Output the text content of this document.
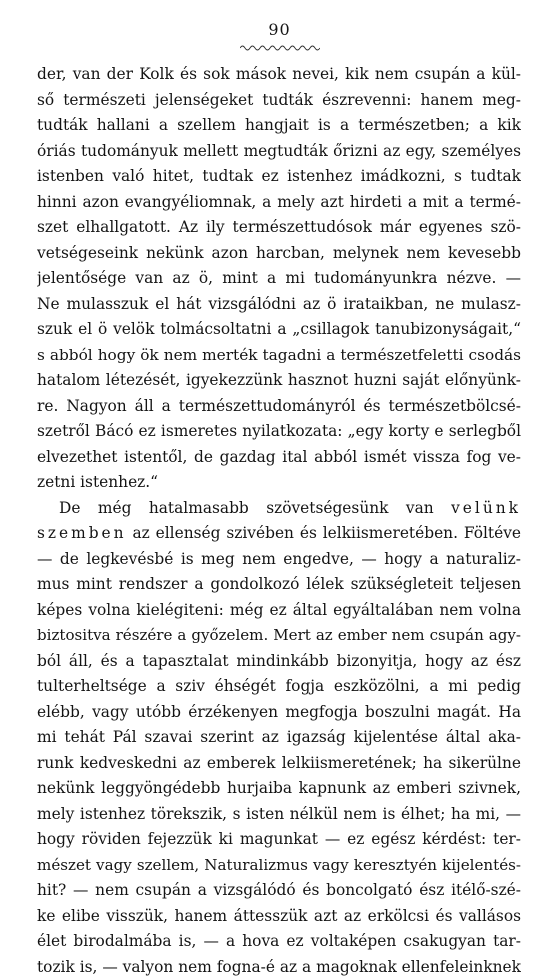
90
der, van der Kolk és sok mások nevei, kik nem csupán a kül-
ső természeti jelenségeket tudták észrevenni: hanem meg-
tudták hallani a szellem hangjait is a természetben; a kik
óriás tudományuk mellett megtudták őrizni az egy, személyes
istenben való hitet, tudtak ez istenhez imádkozni, s tudtak
hinni azon evangyéliomnak, a mely azt hirdeti a mit a termé-
szet elhallgatott. Az ily természettudósok már egyenes szö-
vetségeseink nekünk azon harcban, melynek nem kevesebb
jelentősége van az ö, mint a mi tudományunkra nézve. —
Ne mulasszuk el hát vizsgálódni az ö irataikban, ne mulasz-
szuk el ö velök tolmácsoltatni a „csillagok tanubizonyságait,“
s abból hogy ök nem merték tagadni a természetfeletti csodás
hatalom létezését, igyekezzünk hasznot huzni saját előnyünk-
re. Nagyon áll a természettudományról és természetbölcsé-
szetről Bácó ez ismeretes nyilatkozata: „egy korty e serlegből
elvezethet istentől, de gazdag ital abból ismét vissza fog ve-
zetni istenhez.“
De még hatalmasabb szövetségesünk van velünk
szemben az ellenség szivében és lelkiismeretében. Föltéve
— de legkevésbé is meg nem engedve, — hogy a naturaliz-
mus mint rendszer a gondolkozó lélek szükségleteit teljesen
képes volna kielégiteni: még ez által egyáltalában nem volna
biztositva részére a győzelem. Mert az ember nem csupán agy-
ból áll, és a tapasztalat mindinkább bizonyitja, hogy az ész
tulterheltsége a sziv éhségét fogja eszközölni, a mi pedig
elébb, vagy utóbb érzékenyen megfogja boszulni magát. Ha
mi tehát Pál szavai szerint az igazság kijelentése által aka-
runk kedveskedni az emberek lelkiismeretének; ha sikerülne
nekünk leggyöngédebb hurjaiba kapnunk az emberi szivnek,
mely istenhez törekszik, s isten nélkül nem is élhet; ha mi, —
hogy röviden fejezzük ki magunkat — ez egész kérdést: ter-
mészet vagy szellem, Naturalizmus vagy keresztyén kijelentés-
hit? — nem csupán a vizsgálódó és boncolgató ész itélő-szé-
ke elibe visszük, hanem áttesszük azt az erkölcsi és vallásos
élet birodalmába is, — a hova ez voltaképen csakugyan tar-
tozik is, — valyon nem fogna-é az a magoknak ellenfeleinknek
